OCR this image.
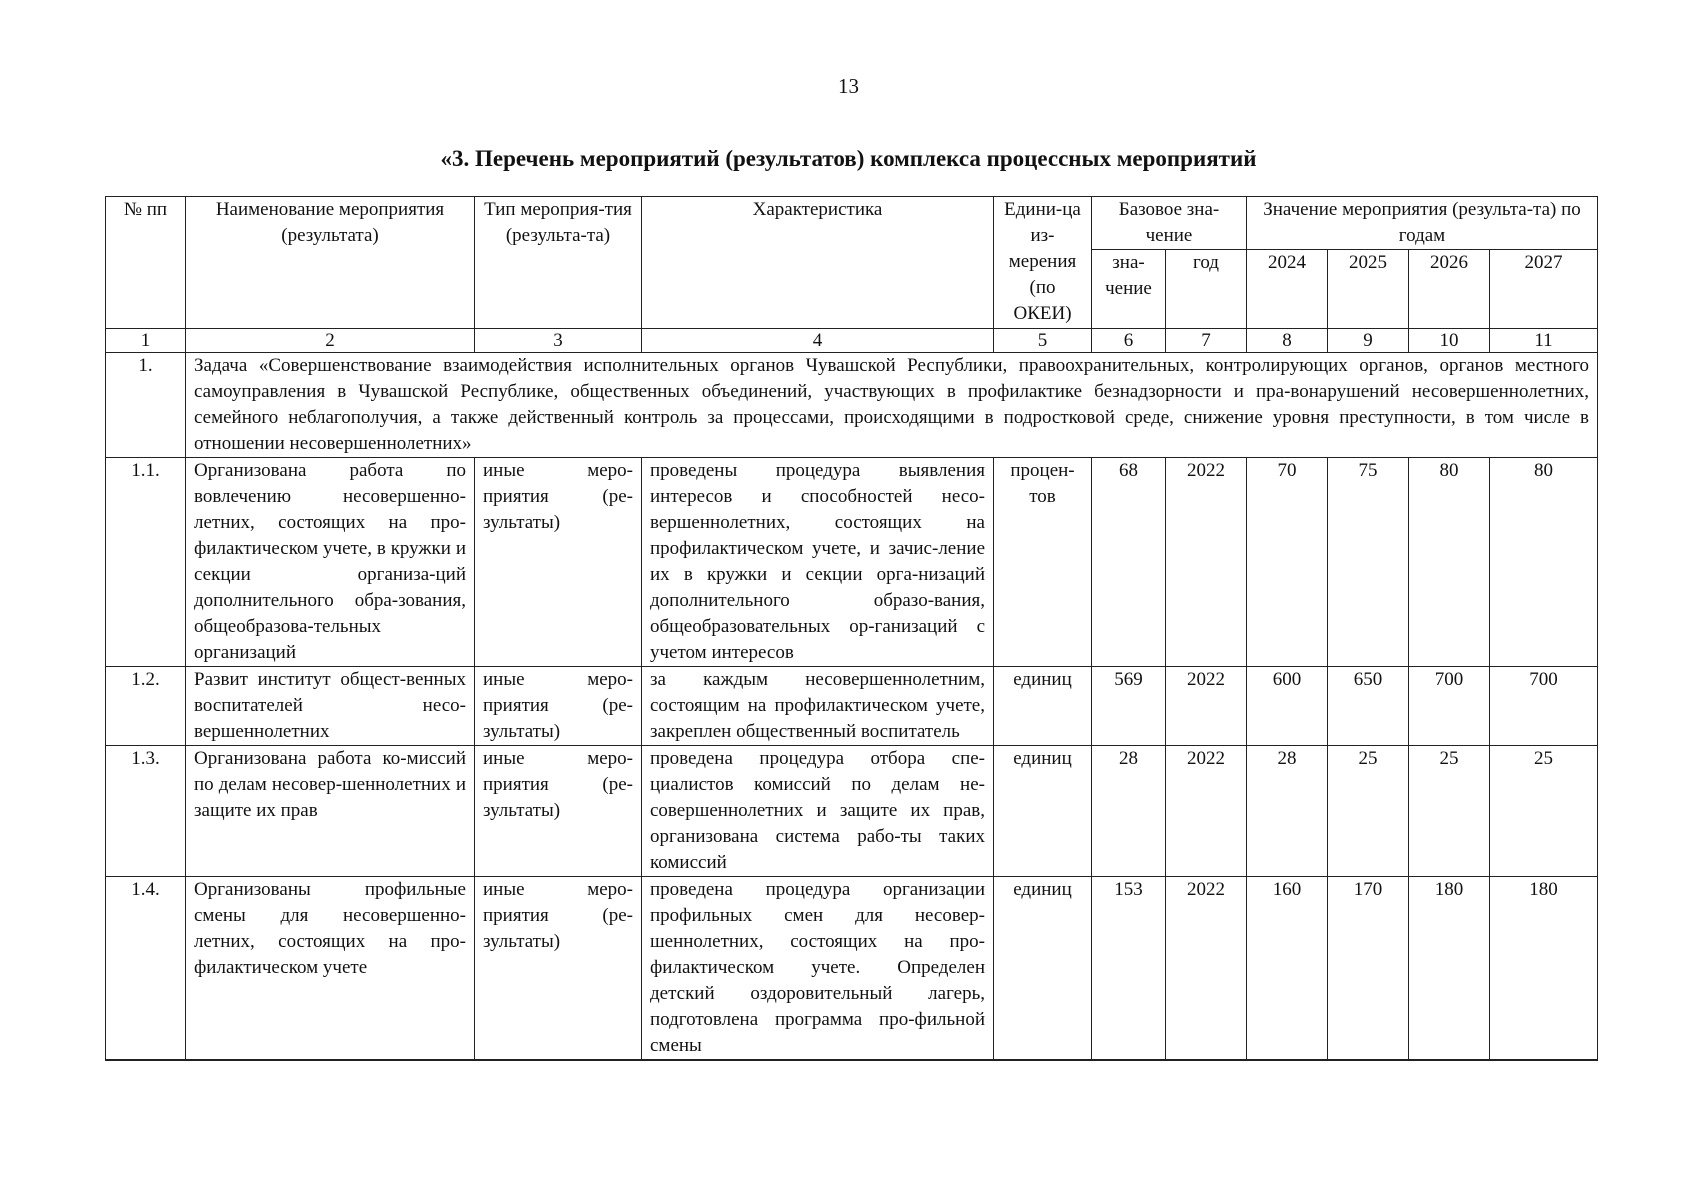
13
«3. Перечень мероприятий (результатов) комплекса процессных мероприятий
№ пп	Наименование мероприятия (результата)	Тип мероприя-тия (результа-та)	Характеристика	Едини-ца из-мерения (по ОКЕИ)	Базовое зна-чение		Значение мероприятия (результа-та) по годам			
					зна-чение	год	2024	2025	2026	2027
1	2	3	4	5	6	7	8	9	10	11
1.	Задача «Совершенствование взаимодействия исполнительных органов Чувашской Республики, правоохранительных, контролирующих органов, органов местного самоуправления в Чувашской Республике, общественных объединений, участвующих в профилактике безнадзорности и пра-вонарушений несовершеннолетних, семейного неблагополучия, а также действенный контроль за процессами, происходящими в подростковой среде, снижение уровня преступности, в том числе в отношении несовершеннолетних»									
1.1.	Организована работа по вовлечению несовершенно-летних, состоящих на про-филактическом учете, в кружки и секции организа-ций дополнительного обра-зования, общеобразова-тельных организаций	иные меро-приятия (ре-зультаты)	проведены процедура выявления интересов и способностей несо-вершеннолетних, состоящих на профилактическом учете, и зачис-ление их в кружки и секции орга-низаций дополнительного образо-вания, общеобразовательных ор-ганизаций с учетом интересов	процен-тов	68	2022	70	75	80	80
1.2.	Развит институт общест-венных воспитателей несо-вершеннолетних	иные меро-приятия (ре-зультаты)	за каждым несовершеннолетним, состоящим на профилактическом учете, закреплен общественный воспитатель	единиц	569	2022	600	650	700	700
1.3.	Организована работа ко-миссий по делам несовер-шеннолетних и защите их прав	иные меро-приятия (ре-зультаты)	проведена процедура отбора спе-циалистов комиссий по делам не-совершеннолетних и защите их прав, организована система рабо-ты таких комиссий	единиц	28	2022	28	25	25	25
1.4.	Организованы профильные смены для несовершенно-летних, состоящих на про-филактическом учете	иные меро-приятия (ре-зультаты)	проведена процедура организации профильных смен для несовер-шеннолетних, состоящих на про-филактическом учете. Определен детский оздоровительный лагерь, подготовлена программа про-фильной смены	единиц	153	2022	160	170	180	180
